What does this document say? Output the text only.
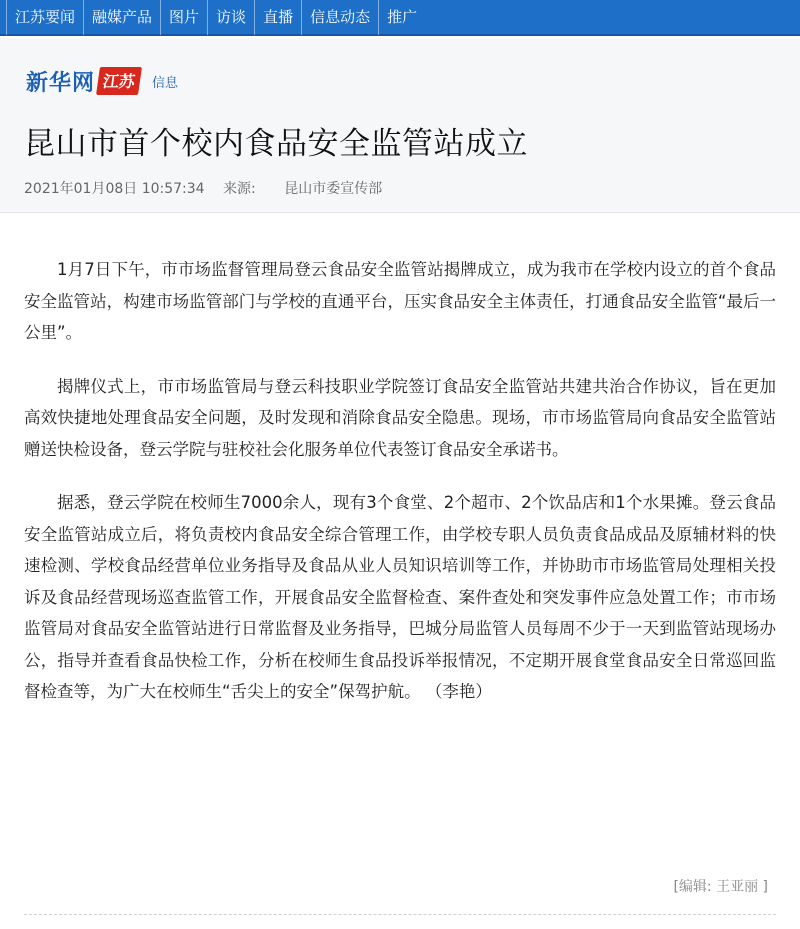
江苏要闻	融媒产品	图片	访谈	直播	信息动态	推广
新华网 江苏	信息
昆山市首个校内食品安全监管站成立
2021年01月08日 10:57:34 来源: 昆山市委宣传部

1月7日下午，市市场监督管理局登云食品安全监管站揭牌成立，成为我市在学校内设立的首个食品安全监管站，构建市场监管部门与学校的直通平台，压实食品安全主体责任，打通食品安全监管“最后一公里”。

揭牌仪式上，市市场监管局与登云科技职业学院签订食品安全监管站共建共治合作协议，旨在更加高效快捷地处理食品安全问题，及时发现和消除食品安全隐患。现场，市市场监管局向食品安全监管站赠送快检设备，登云学院与驻校社会化服务单位代表签订食品安全承诺书。

据悉，登云学院在校师生7000余人，现有3个食堂、2个超市、2个饮品店和1个水果摊。登云食品安全监管站成立后，将负责校内食品安全综合管理工作，由学校专职人员负责食品成品及原辅材料的快速检测、学校食品经营单位业务指导及食品从业人员知识培训等工作，并协助市市场监管局处理相关投诉及食品经营现场巡查监管工作，开展食品安全监督检查、案件查处和突发事件应急处置工作；市市场监管局对食品安全监管站进行日常监督及业务指导，巴城分局监管人员每周不少于一天到监管站现场办公，指导并查看食品快检工作，分析在校师生食品投诉举报情况，不定期开展食堂食品安全日常巡回监督检查等，为广大在校师生“舌尖上的安全”保驾护航。 （李艳）

[编辑: 王亚丽 ]
